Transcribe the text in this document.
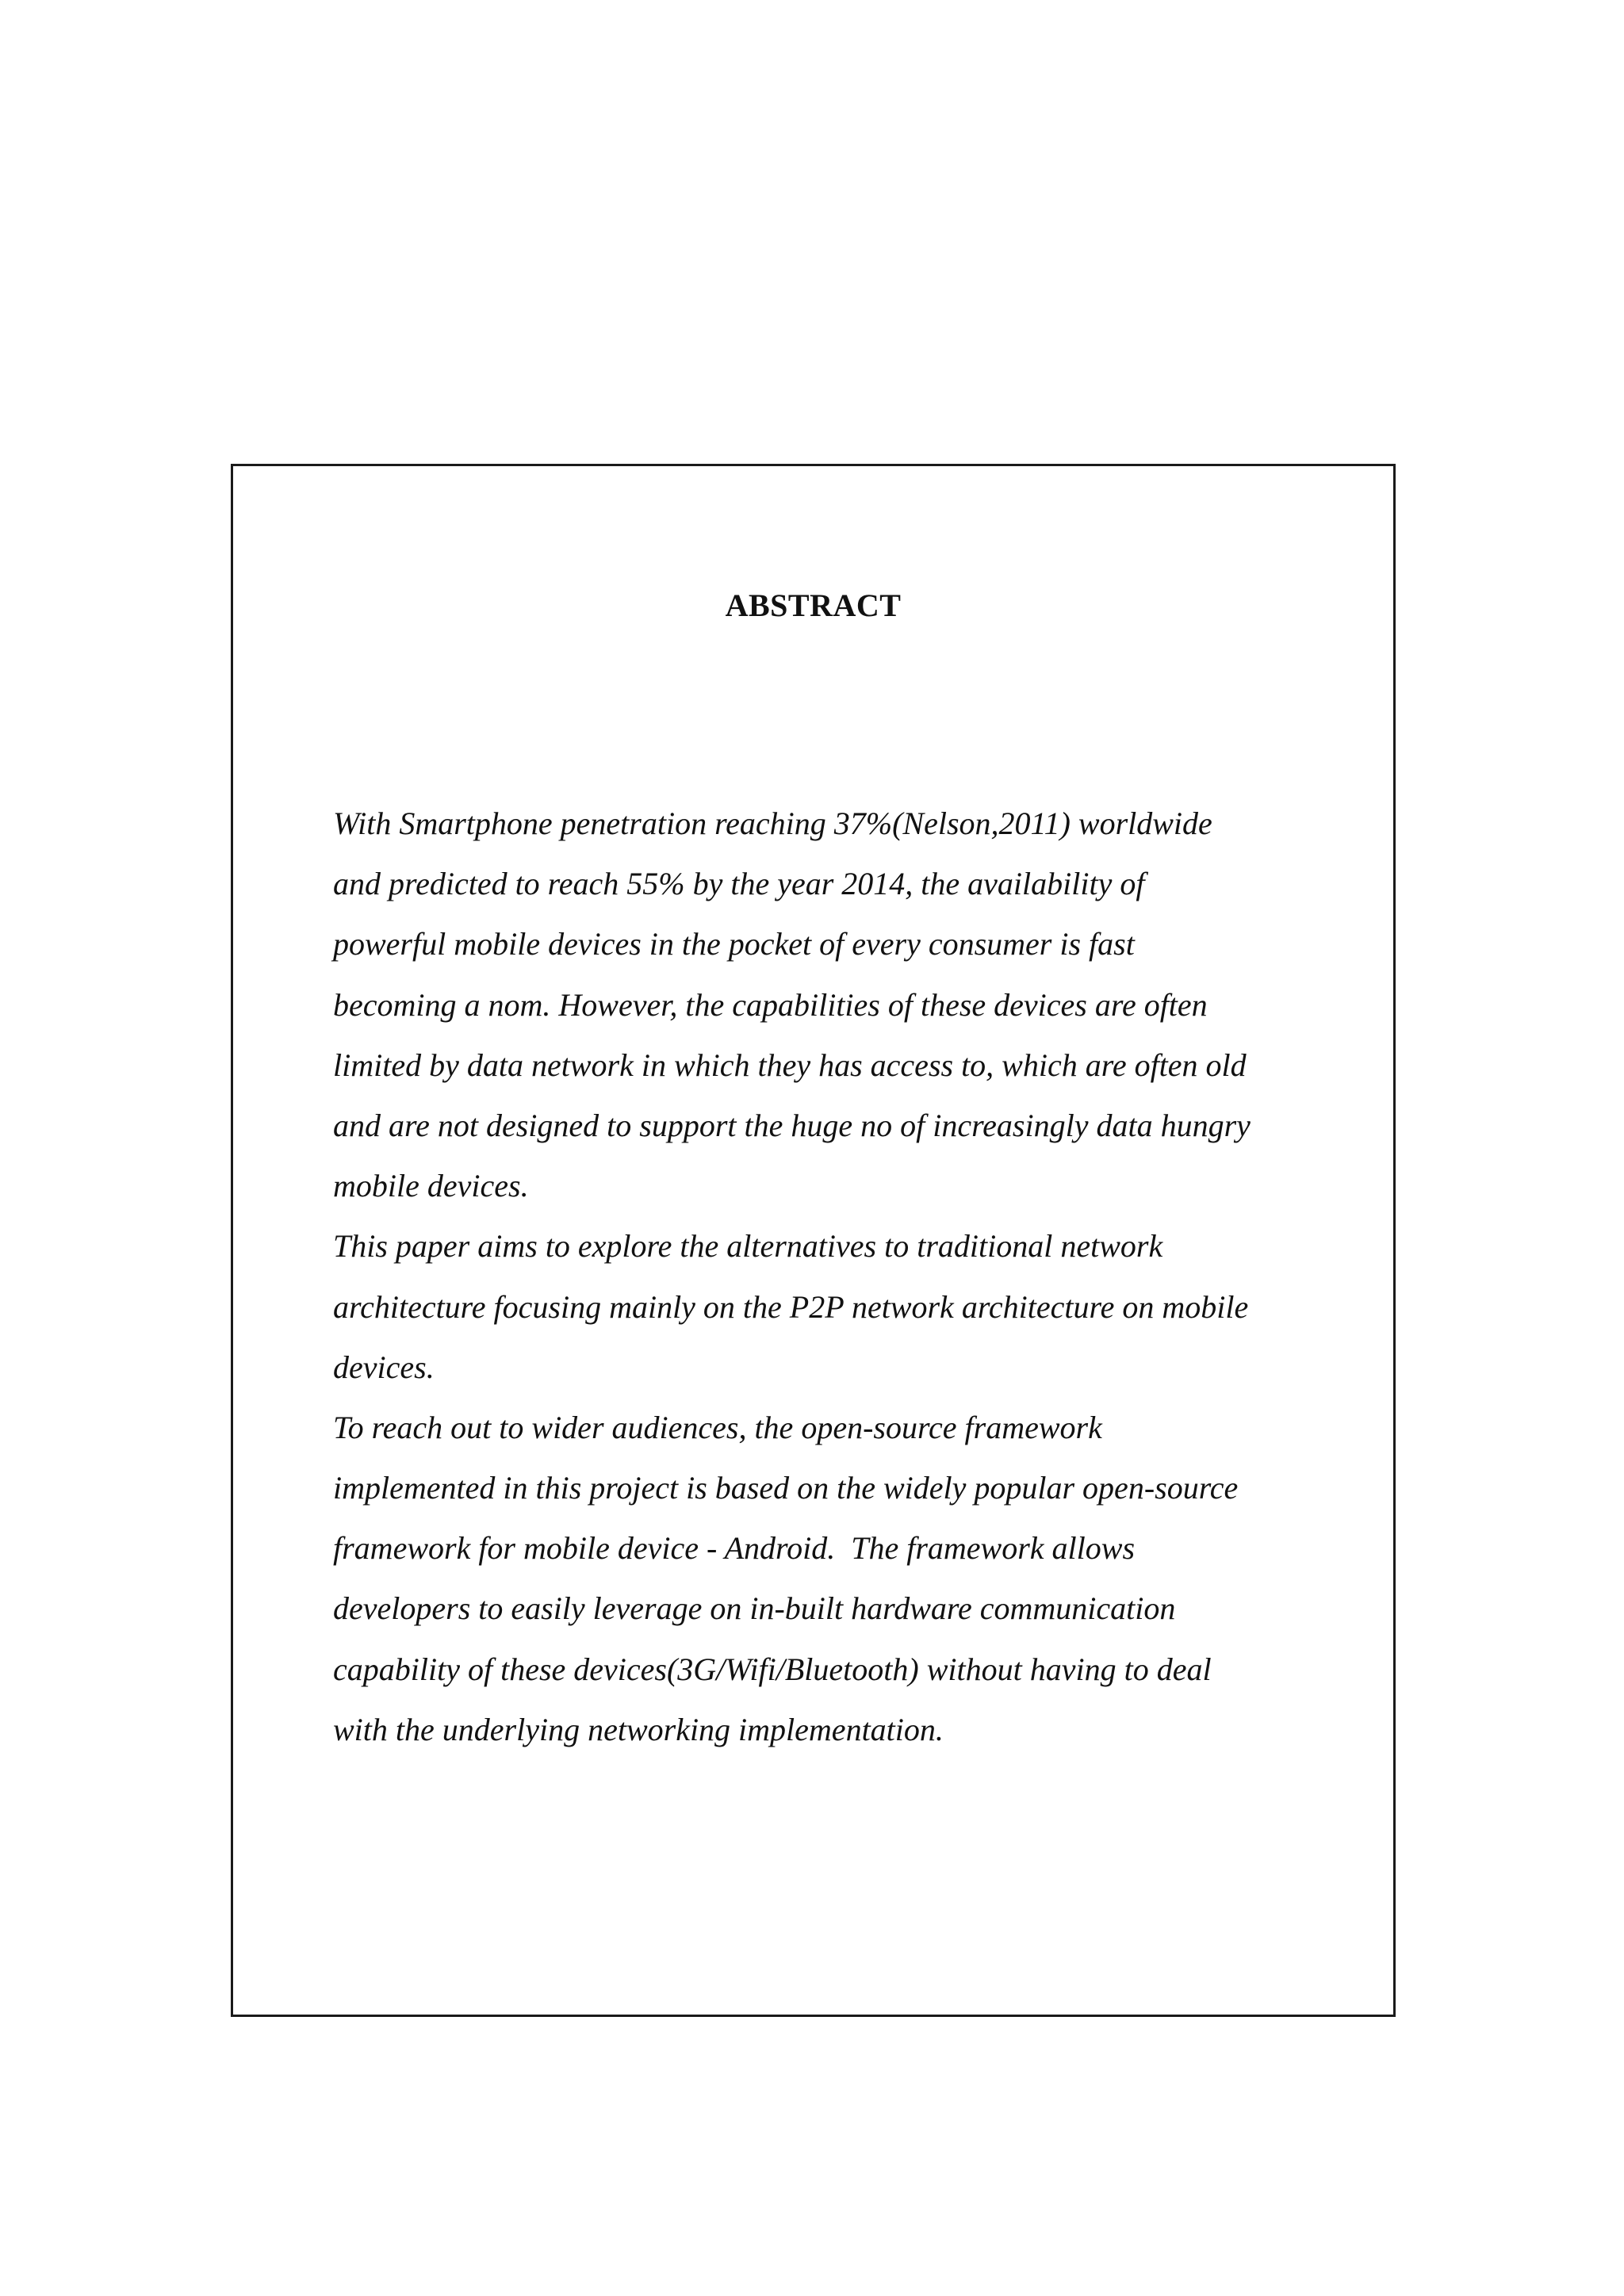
ABSTRACT
With Smartphone penetration reaching 37%(Nelson,2011) worldwide
and predicted to reach 55% by the year 2014, the availability of
powerful mobile devices in the pocket of every consumer is fast
becoming a nom. However, the capabilities of these devices are often
limited by data network in which they has access to, which are often old
and are not designed to support the huge no of increasingly data hungry
mobile devices.
This paper aims to explore the alternatives to traditional network
architecture focusing mainly on the P2P network architecture on mobile
devices.
To reach out to wider audiences, the open-source framework
implemented in this project is based on the widely popular open-source
framework for mobile device - Android.  The framework allows
developers to easily leverage on in-built hardware communication
capability of these devices(3G/Wifi/Bluetooth) without having to deal
with the underlying networking implementation.
